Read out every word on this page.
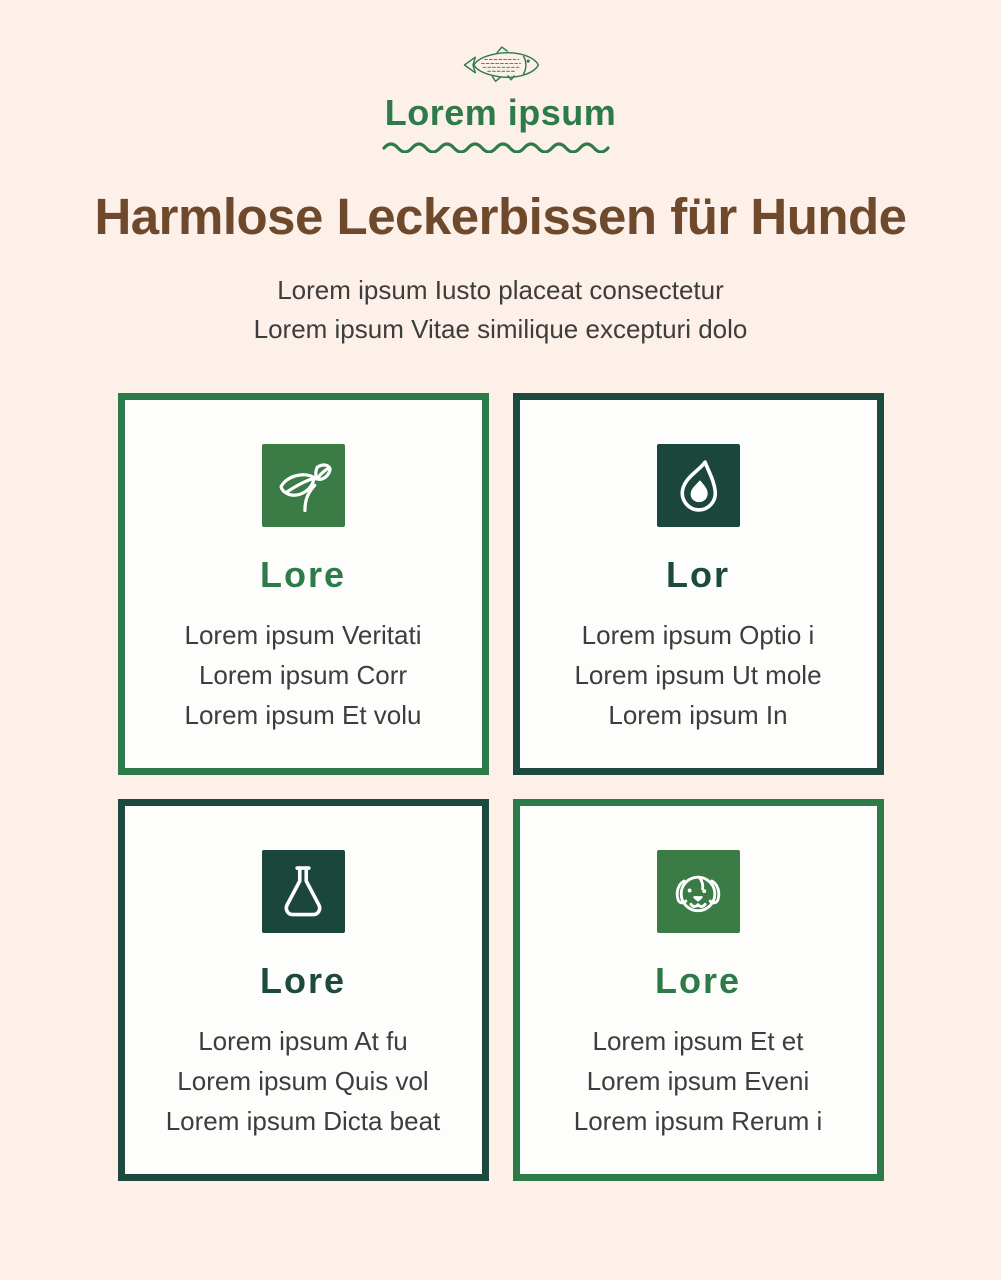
Lorem ipsum
Harmlose Leckerbissen für Hunde

Lorem ipsum Iusto placeat consectetur
Lorem ipsum Vitae similique excepturi dolo

Lore

Lorem ipsum Veritati
Lorem ipsum Corr
Lorem ipsum Et volu

Lor

Lorem ipsum Optio i
Lorem ipsum Ut mole
Lorem ipsum In

Lore

Lorem ipsum At fu
Lorem ipsum Quis vol
Lorem ipsum Dicta beat

Lore

Lorem ipsum Et et
Lorem ipsum Eveni
Lorem ipsum Rerum i
